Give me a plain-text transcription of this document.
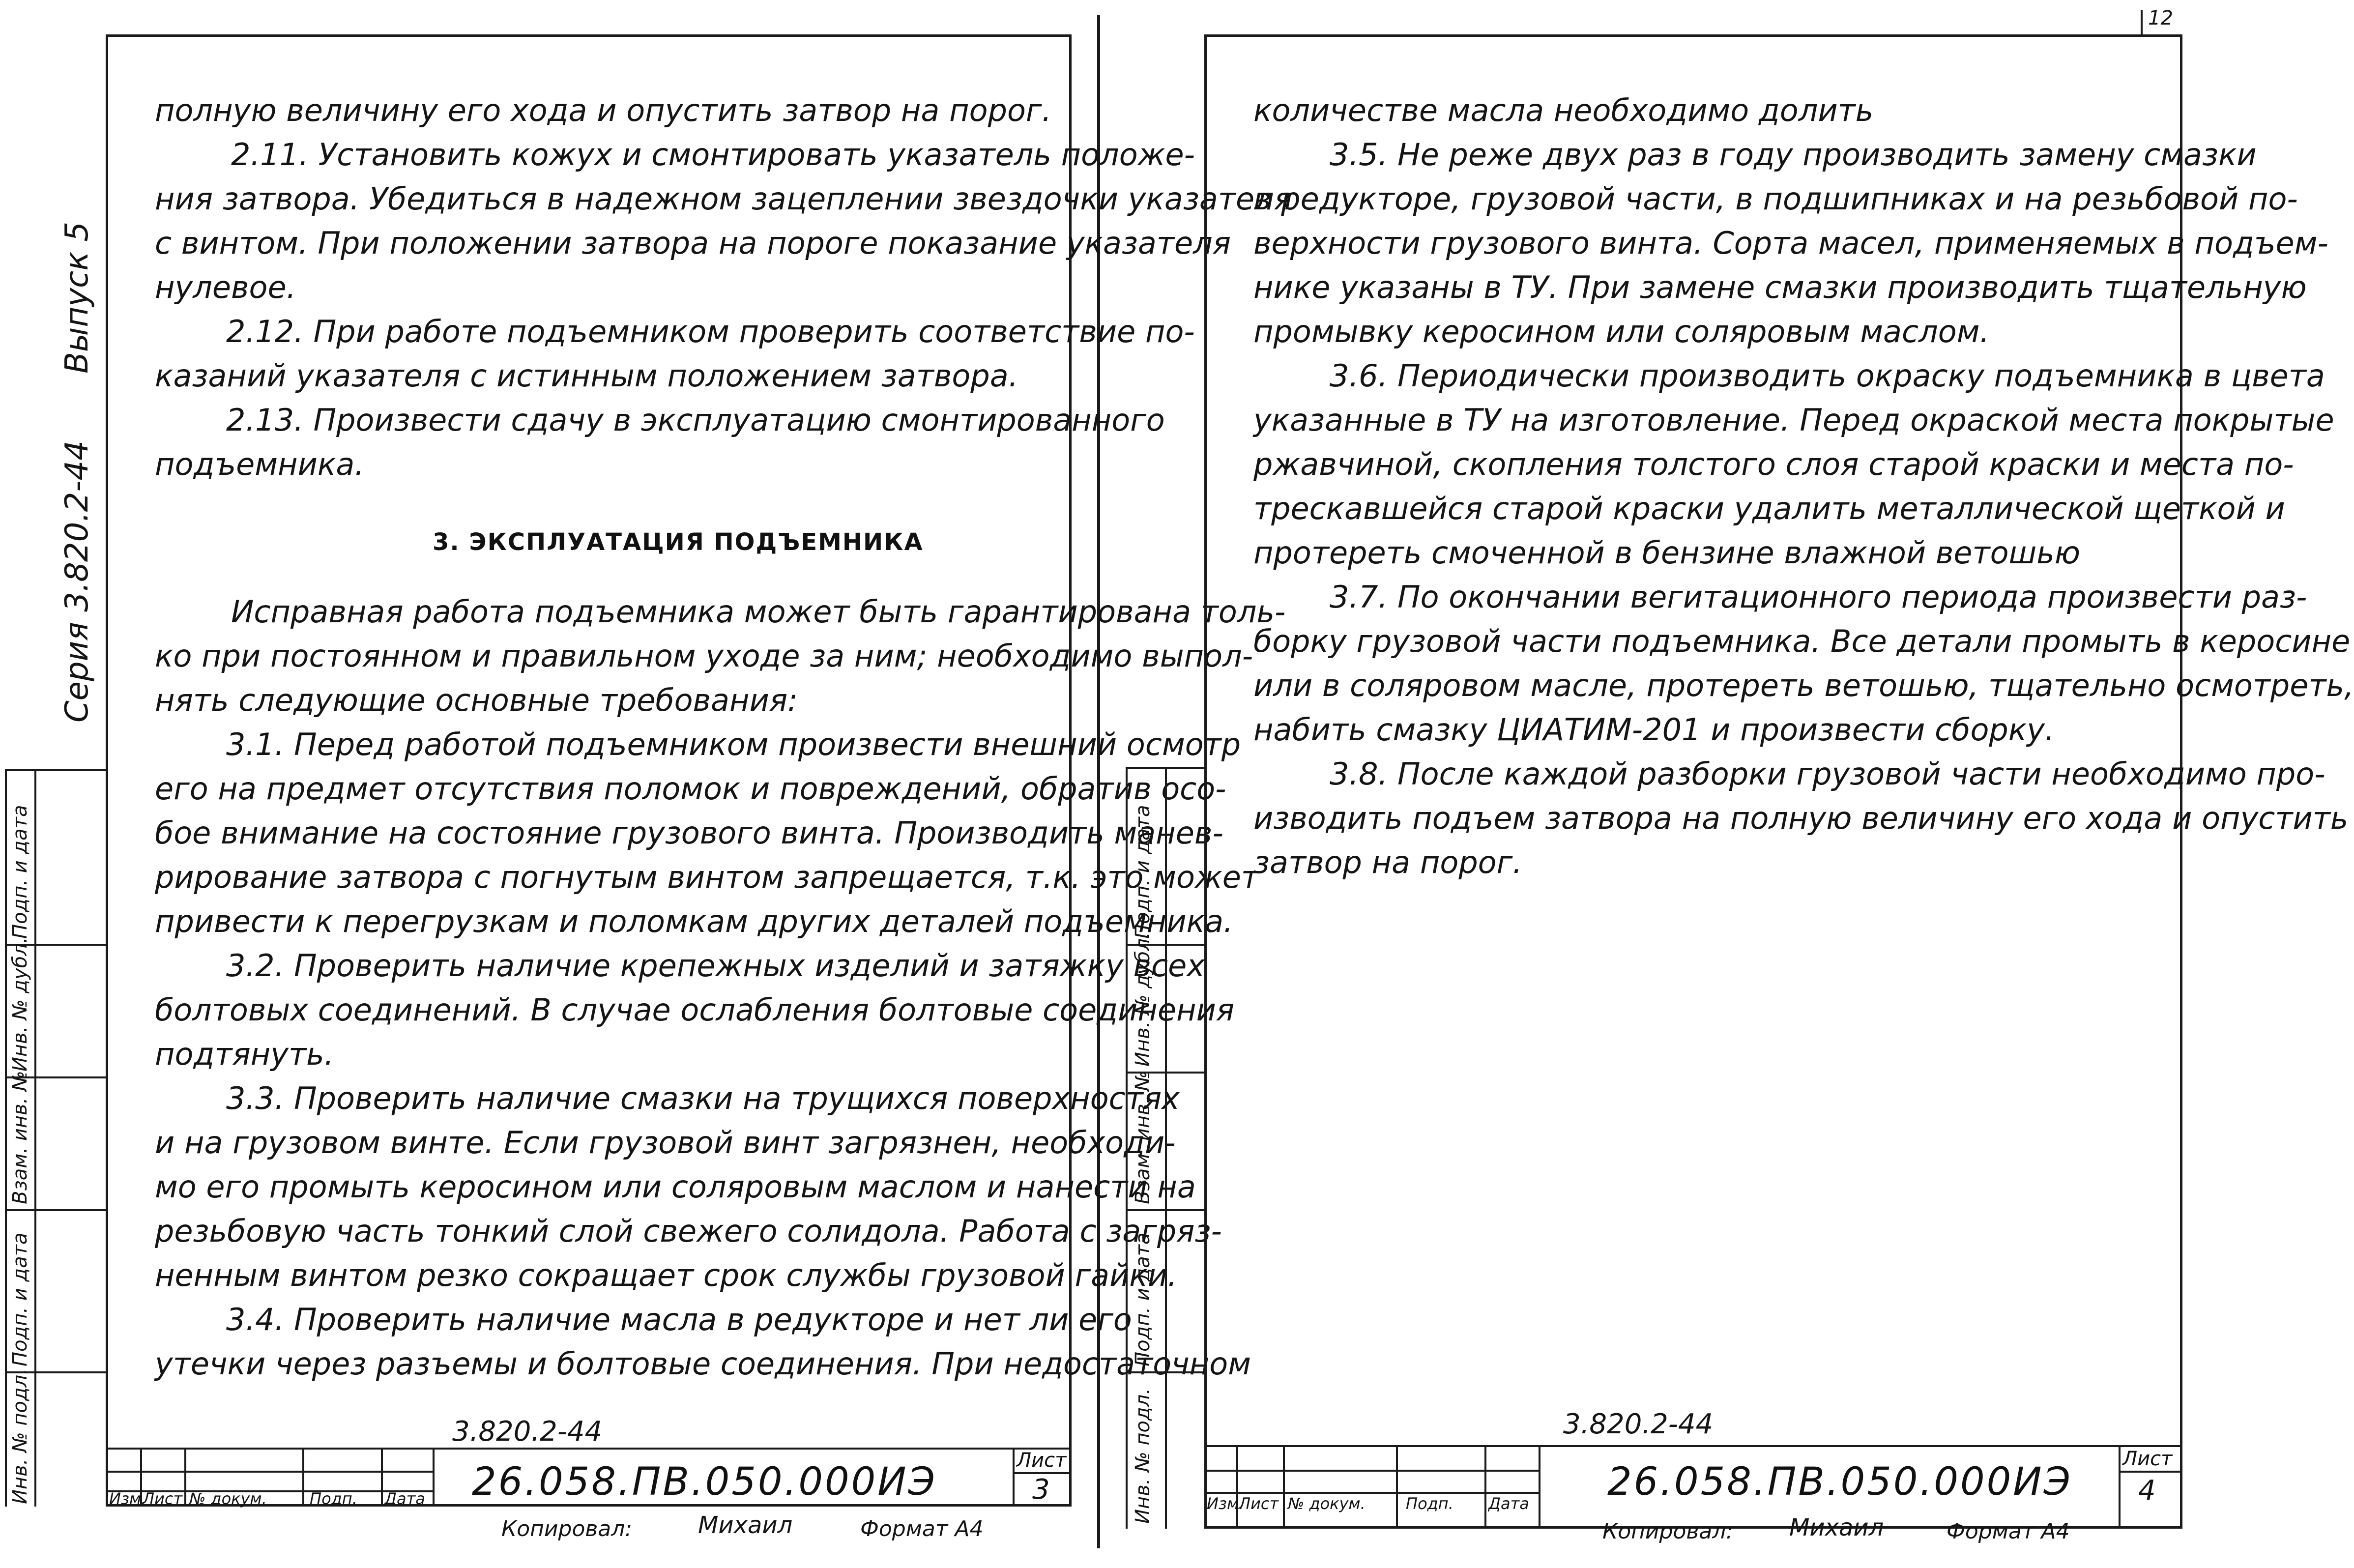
12
Выпуск 5
Серия 3.820.2-44
Инв. № подл.
Подп. и дата
Взам. инв. №
Инв. № дубл.
Подп. и дата
полную величину его хода и опустить затвор на порог.
2.11. Установить кожух и смонтировать указатель положе-
ния затвора. Убедиться в надежном зацеплении звездочки указателя
с винтом. При положении затвора на пороге показание указателя
нулевое.
2.12. При работе подъемником проверить соответствие по-
казаний указателя с истинным положением затвора.
2.13. Произвести сдачу в эксплуатацию смонтированного
подъемника.
3. ЭКСПЛУАТАЦИЯ ПОДЪЕМНИКА
Исправная работа подъемника может быть гарантирована толь-
ко при постоянном и правильном уходе за ним; необходимо выпол-
нять следующие основные требования:
3.1. Перед работой подъемником произвести внешний осмотр
его на предмет отсутствия поломок и повреждений, обратив осо-
бое внимание на состояние грузового винта. Производить манев-
рирование затвора с погнутым винтом запрещается, т.к. это может
привести к перегрузкам и поломкам других деталей подъемника.
3.2. Проверить наличие крепежных изделий и затяжку всех
болтовых соединений. В случае ослабления болтовые соединения
подтянуть.
3.3. Проверить наличие смазки на трущихся поверхностях
и на грузовом винте. Если грузовой винт загрязнен, необходи-
мо его промыть керосином или соляровым маслом и нанести на
резьбовую часть тонкий слой свежего солидола. Работа с загряз-
ненным винтом резко сокращает срок службы грузовой гайки.
3.4. Проверить наличие масла в редукторе и нет ли его
утечки через разъемы и болтовые соединения. При недостаточном
3.820.2-44
Изм.
Лист № докум.	Подп. Дата 26.058.ПВ.050.000ИЭ	Лист
3
Копировал:	Михаил	Формат А4
Инв. № подл.
Подп. и дата
Взам. инв. №
Инв. № дубл.
Подп. и дата
количестве масла необходимо долить
3.5. Не реже двух раз в году производить замену смазки
в редукторе, грузовой части, в подшипниках и на резьбовой по-
верхности грузового винта. Сорта масел, применяемых в подъем-
нике указаны в ТУ. При замене смазки производить тщательную
промывку керосином или соляровым маслом.
3.6. Периодически производить окраску подъемника в цвета
указанные в ТУ на изготовление. Перед окраской места покрытые
ржавчиной, скопления толстого слоя старой краски и места по-
трескавшейся старой краски удалить металлической щеткой и
протереть смоченной в бензине влажной ветошью
3.7. По окончании вегитационного периода произвести раз-
борку грузовой части подъемника. Все детали промыть в керосине
или в соляровом масле, протереть ветошью, тщательно осмотреть,
набить смазку ЦИАТИМ-201 и произвести сборку.
3.8. После каждой разборки грузовой части необходимо про-
изводить подъем затвора на полную величину его хода и опустить
затвор на порог.
3.820.2-44
Изм.
Лист № докум.	Подп. Дата 26.058.ПВ.050.000ИЭ
Лист
4
Копировал: Михаил	Формат А4
